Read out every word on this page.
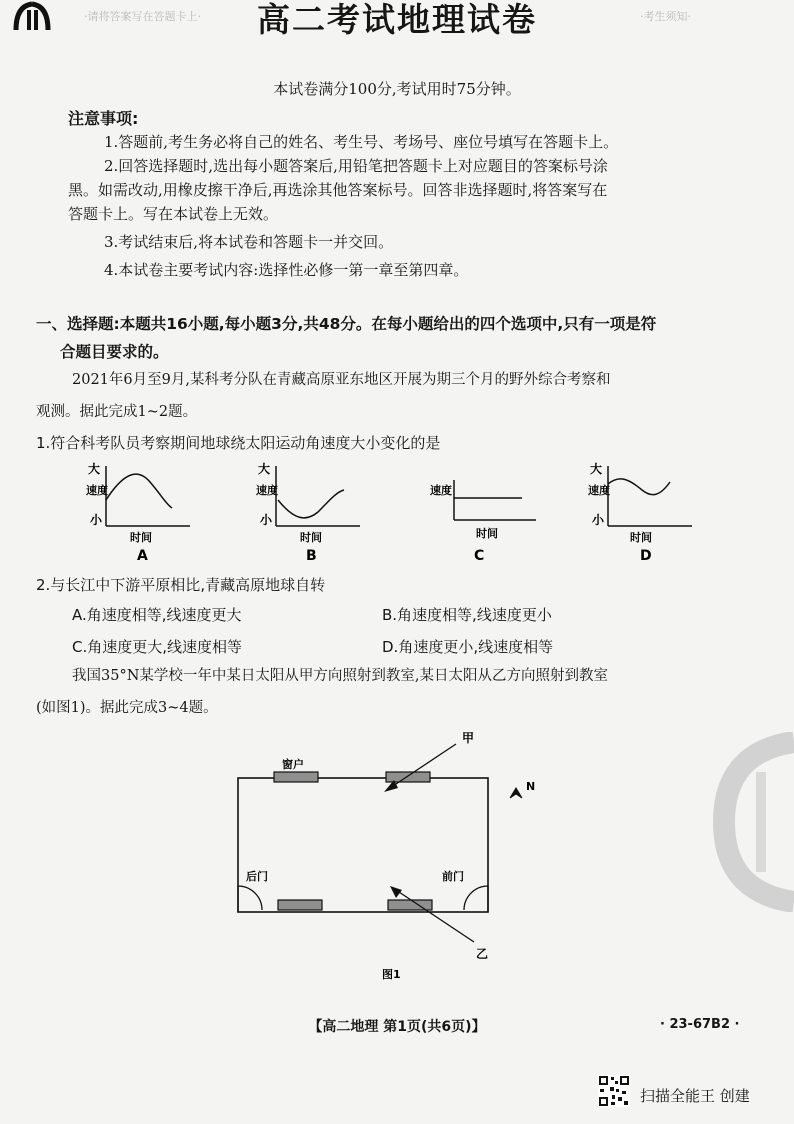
·请将答案写在答题卡上·	·考生须知·
高二考试地理试卷
本试卷满分100分,考试用时75分钟。
注意事项:
1.答题前,考生务必将自己的姓名、考生号、考场号、座位号填写在答题卡上。
2.回答选择题时,选出每小题答案后,用铅笔把答题卡上对应题目的答案标号涂
黑。如需改动,用橡皮擦干净后,再选涂其他答案标号。回答非选择题时,将答案写在
答题卡上。写在本试卷上无效。
3.考试结束后,将本试卷和答题卡一并交回。
4.本试卷主要考试内容:选择性必修一第一章至第四章。
一、选择题:本题共16小题,每小题3分,共48分。在每小题给出的四个选项中,只有一项是符
合题目要求的。
2021年6月至9月,某科考分队在青藏高原亚东地区开展为期三个月的野外综合考察和
观测。据此完成1~2题。
1.符合科考队员考察期间地球绕太阳运动角速度大小变化的是
大
速度
小
时间
A
大
速度
小
时间
B
速度
时间
C
大
速度
小
时间
D
2.与长江中下游平原相比,青藏高原地球自转
A.角速度相等,线速度更大	B.角速度相等,线速度更小
C.角速度更大,线速度相等	D.角速度更小,线速度相等
我国35°N某学校一年中某日太阳从甲方向照射到教室,某日太阳从乙方向照射到教室
(如图1)。据此完成3~4题。
窗户
后门	前门
甲
乙
N
图1
【高二地理 第1页(共6页)】	· 23-67B2 ·
扫描全能王 创建
